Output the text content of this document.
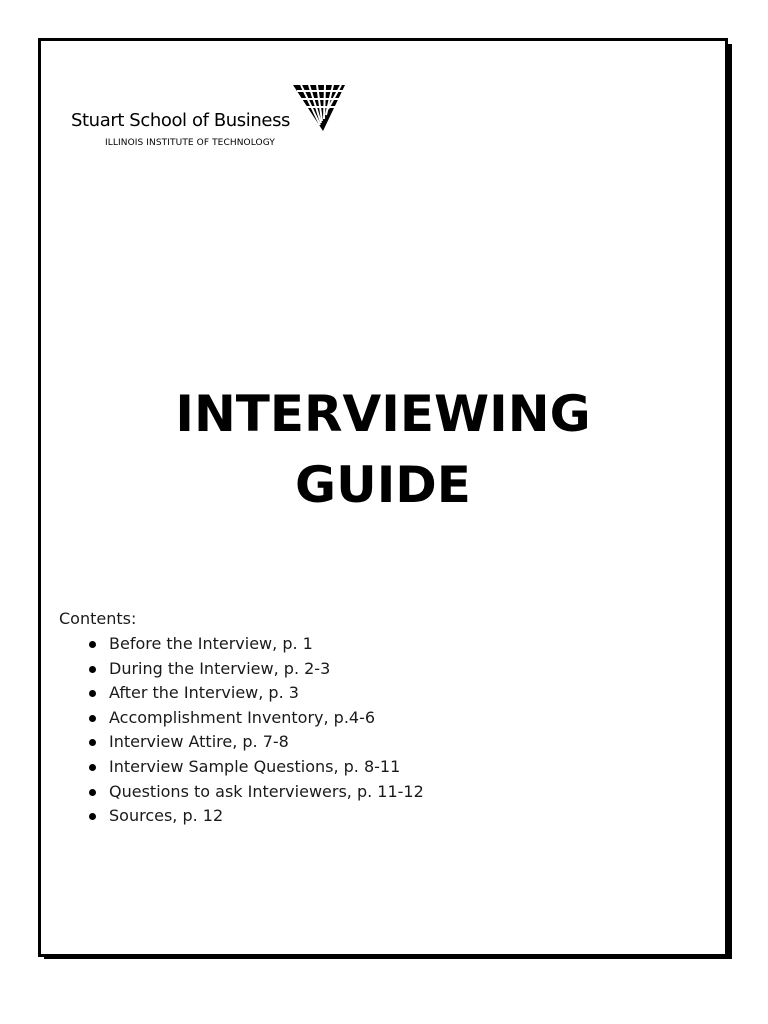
Stuart School of Business
ILLINOIS INSTITUTE OF TECHNOLOGY
INTERVIEWING
GUIDE
Contents:
Before the Interview, p. 1
During the Interview, p. 2-3
After the Interview, p. 3
Accomplishment Inventory, p.4-6
Interview Attire, p. 7-8
Interview Sample Questions, p. 8-11
Questions to ask Interviewers, p. 11-12
Sources, p. 12
